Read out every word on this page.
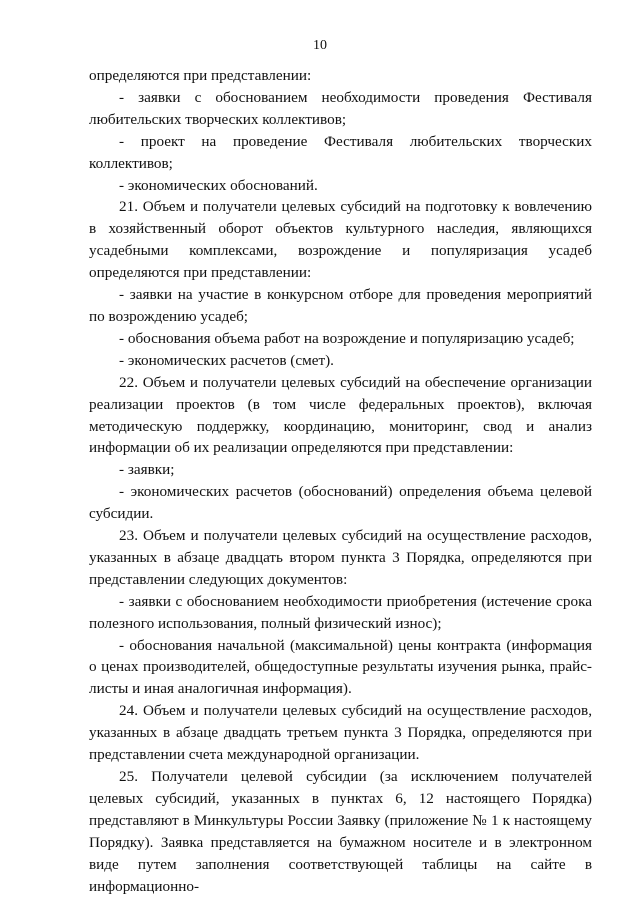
10

определяются при представлении:

- заявки с обоснованием необходимости проведения Фестиваля любительских творческих коллективов;

- проект на проведение Фестиваля любительских творческих коллективов;

- экономических обоснований.

21. Объем и получатели целевых субсидий на подготовку к вовлечению в хозяйственный оборот объектов культурного наследия, являющихся усадебными комплексами, возрождение и популяризация усадеб определяются при представлении:

- заявки на участие в конкурсном отборе для проведения мероприятий по возрождению усадеб;

- обоснования объема работ на возрождение и популяризацию усадеб;

- экономических расчетов (смет).

22. Объем и получатели целевых субсидий на обеспечение организации реализации проектов (в том числе федеральных проектов), включая методическую поддержку, координацию, мониторинг, свод и анализ информации об их реализации определяются при представлении:

- заявки;

- экономических расчетов (обоснований) определения объема целевой субсидии.

23. Объем и получатели целевых субсидий на осуществление расходов, указанных в абзаце двадцать втором пункта 3 Порядка, определяются при представлении следующих документов:

- заявки с обоснованием необходимости приобретения (истечение срока полезного использования, полный физический износ);

- обоснования начальной (максимальной) цены контракта (информация о ценах производителей, общедоступные результаты изучения рынка, прайс-листы и иная аналогичная информация).

24. Объем и получатели целевых субсидий на осуществление расходов, указанных в абзаце двадцать третьем пункта 3 Порядка, определяются при представлении счета международной организации.

25. Получатели целевой субсидии (за исключением получателей целевых субсидий, указанных в пунктах 6, 12 настоящего Порядка) представляют в Минкультуры России Заявку (приложение № 1 к настоящему Порядку). Заявка представляется на бумажном носителе и в электронном виде путем заполнения соответствующей таблицы на сайте в информационно-
